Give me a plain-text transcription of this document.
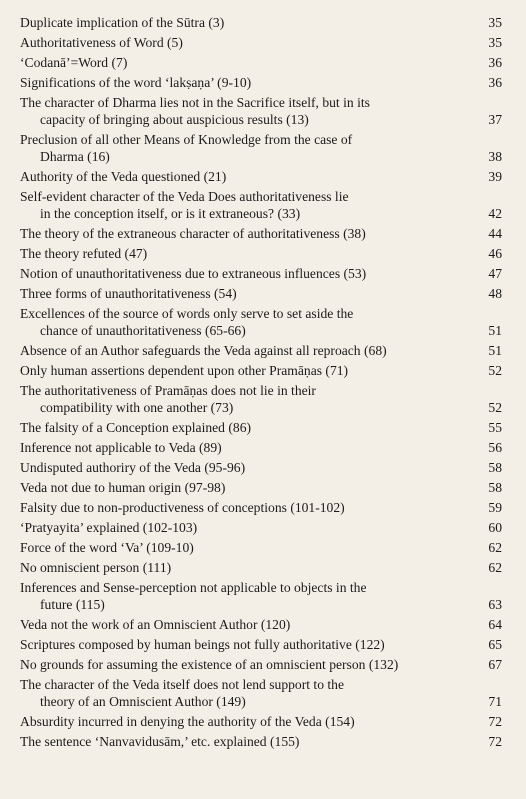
Duplicate implication of the Sūtra (3)	35
Authoritativeness of Word (5)	35
‘Codanā’=Word (7)	36
Significations of the word ‘lakṣaṇa’ (9-10)	36
The character of Dharma lies not in the Sacrifice itself, but in its
capacity of bringing about auspicious results (13)	37
Preclusion of all other Means of Knowledge from the case of
Dharma (16)	38
Authority of the Veda questioned (21)	39
Self-evident character of the Veda Does authoritativeness lie
in the conception itself, or is it extraneous? (33)	42
The theory of the extraneous character of authoritativeness (38)	44
The theory refuted (47)	46
Notion of unauthoritativeness due to extraneous influences (53)	47
Three forms of unauthoritativeness (54)	48
Excellences of the source of words only serve to set aside the
chance of unauthoritativeness (65-66)	51
Absence of an Author safeguards the Veda against all reproach (68)	51
Only human assertions dependent upon other Pramāṇas (71)	52
The authoritativeness of Pramāṇas does not lie in their
compatibility with one another (73)	52
The falsity of a Conception explained (86)	55
Inference not applicable to Veda (89)	56
Undisputed authoriry of the Veda (95-96)	58
Veda not due to human origin (97-98)	58
Falsity due to non-productiveness of conceptions (101-102)	59
‘Pratyayita’ explained (102-103)	60
Force of the word ‘Va’ (109-10)	62
No omniscient person (111)	62
Inferences and Sense-perception not applicable to objects in the
future (115)	63
Veda not the work of an Omniscient Author (120)	64
Scriptures composed by human beings not fully authoritative (122)	65
No grounds for assuming the existence of an omniscient person (132)	67
The character of the Veda itself does not lend support to the
theory of an Omniscient Author (149)	71
Absurdity incurred in denying the authority of the Veda (154)	72
The sentence ‘Nanvavidusām,’ etc. explained (155)	72
